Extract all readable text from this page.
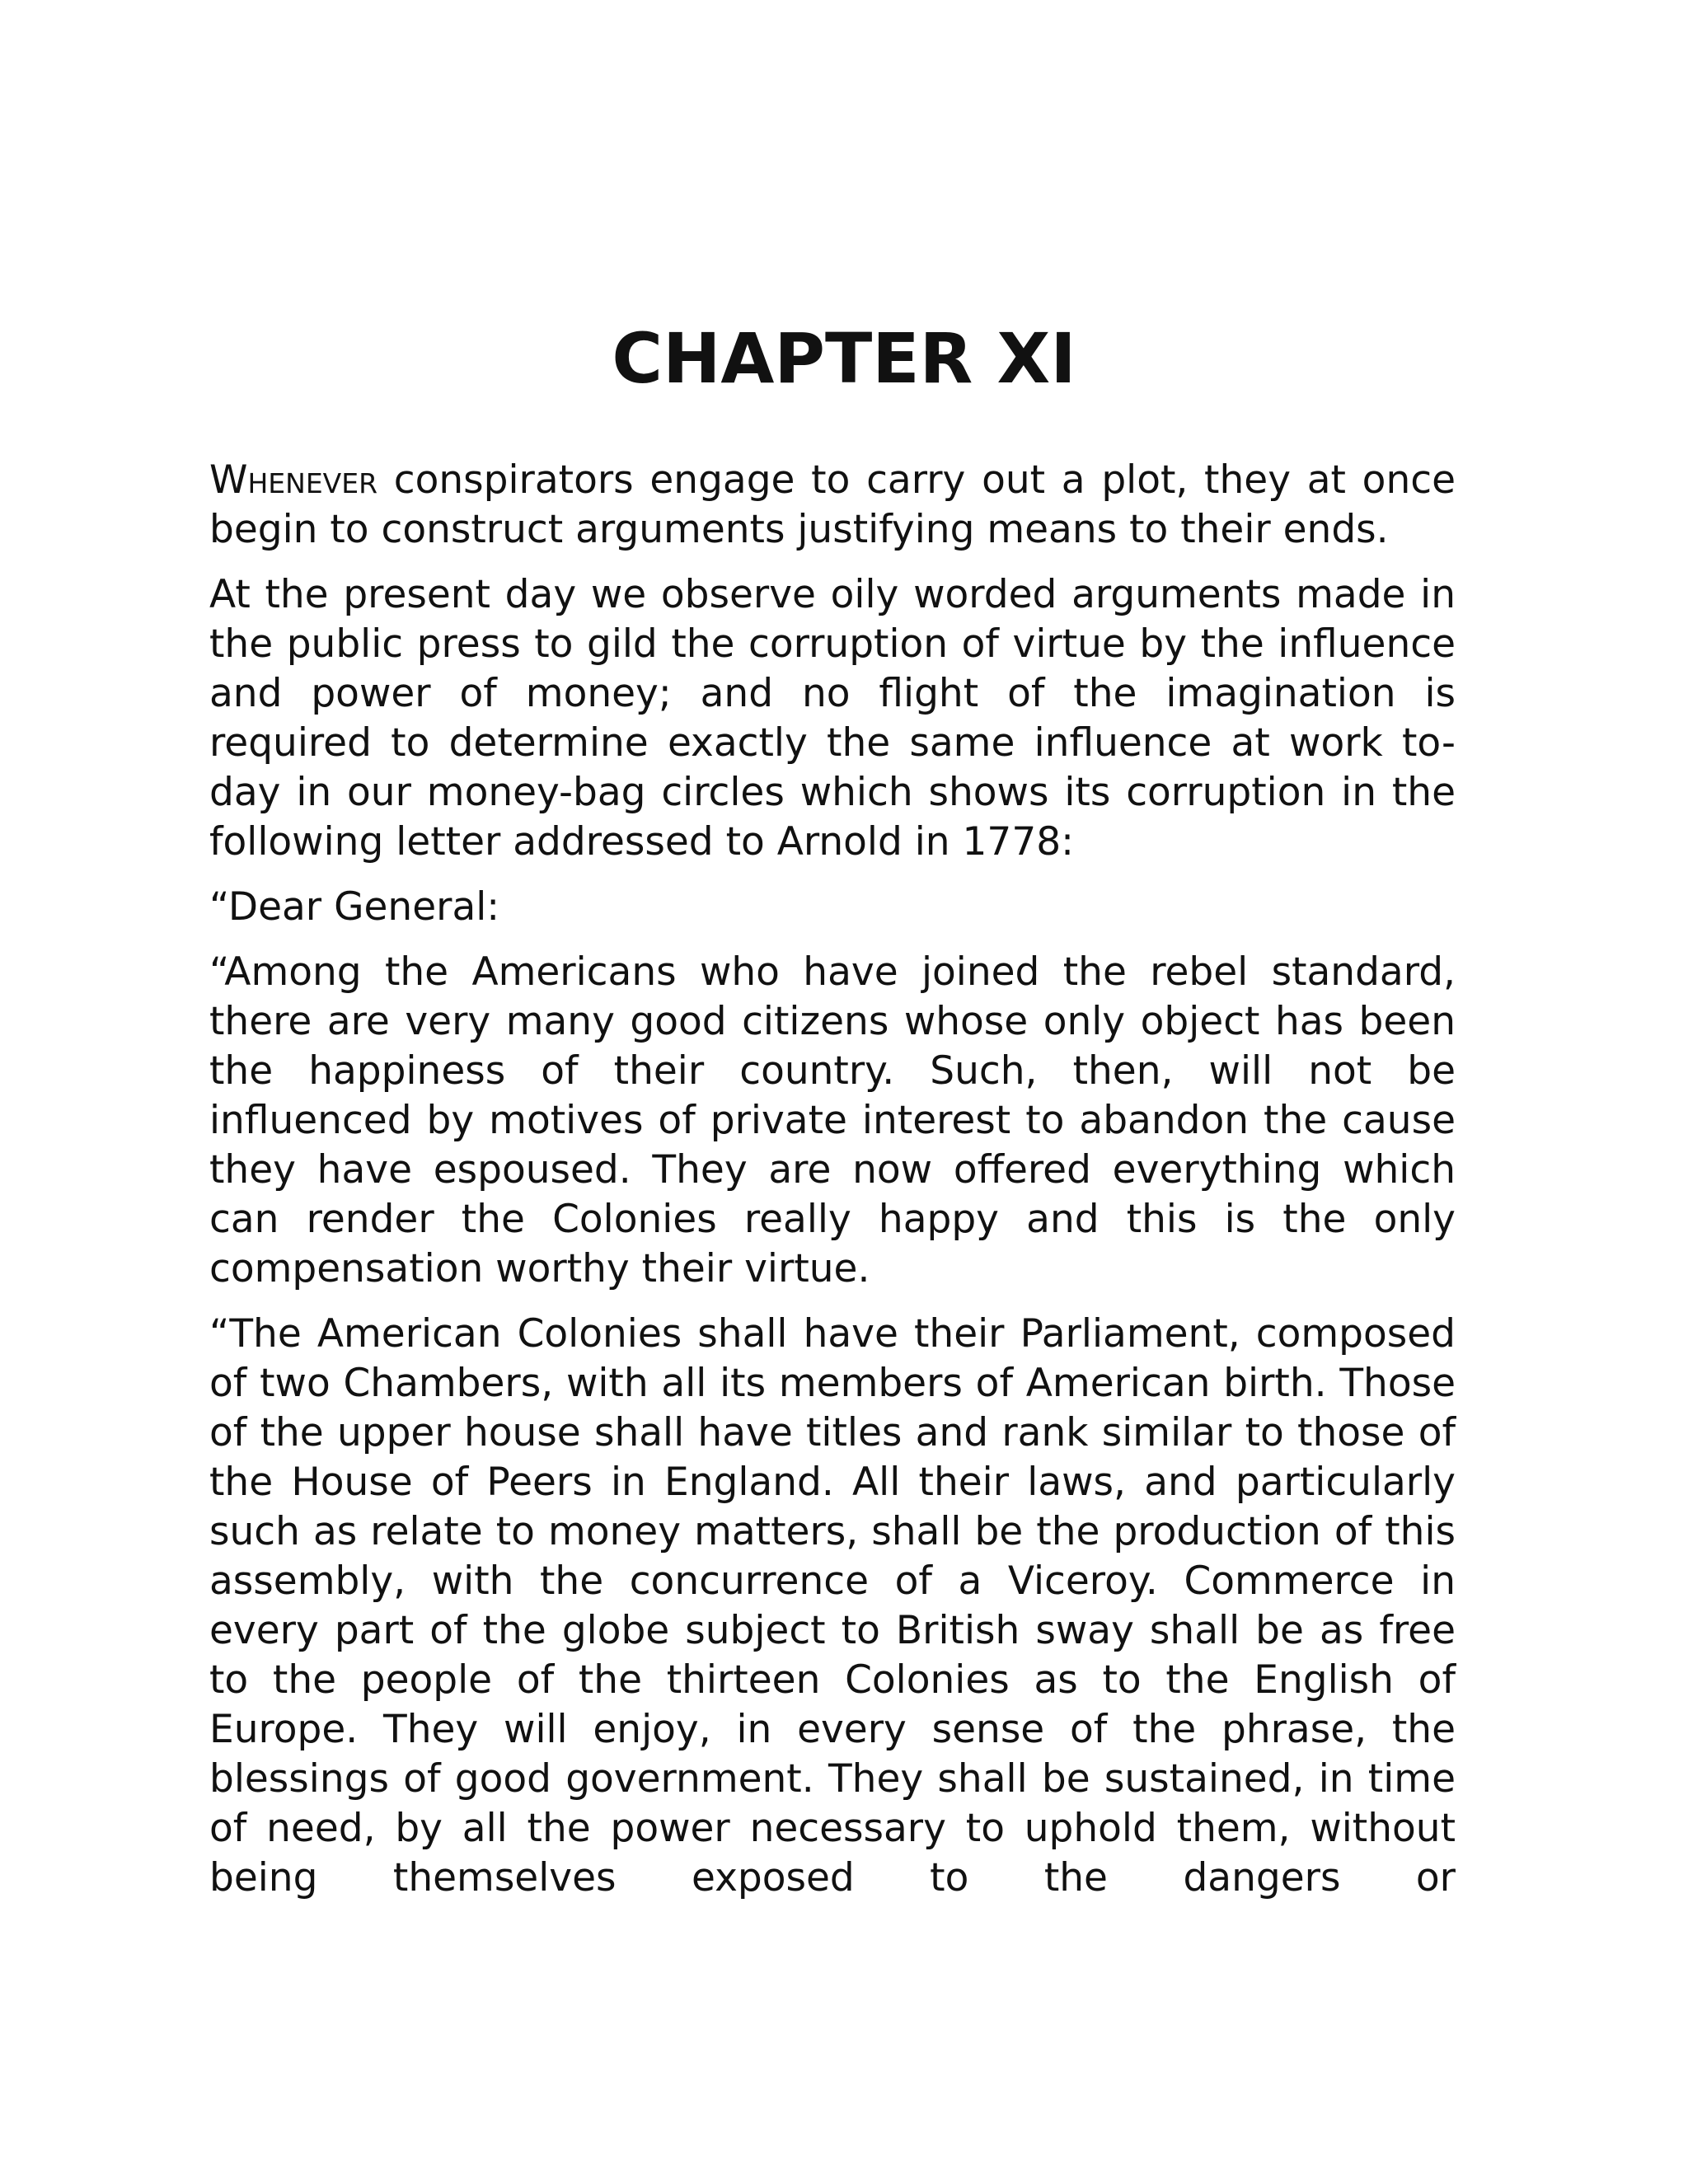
CHAPTER XI

Whenever conspirators engage to carry out a plot, they at once begin to construct arguments justifying means to their ends.

At the present day we observe oily worded arguments made in the public press to gild the corruption of virtue by the influence and power of money; and no flight of the imagination is required to determine exactly the same influence at work to-day in our money-bag circles which shows its corruption in the following letter addressed to Arnold in 1778:

“Dear General:

“Among the Americans who have joined the rebel standard, there are very many good citizens whose only object has been the happiness of their country. Such, then, will not be influenced by motives of private interest to abandon the cause they have espoused. They are now offered everything which can render the Colonies really happy and this is the only compensation worthy their virtue.

“The American Colonies shall have their Parliament, composed of two Chambers, with all its members of American birth. Those of the upper house shall have titles and rank similar to those of the House of Peers in England. All their laws, and particularly such as relate to money matters, shall be the production of this assembly, with the concurrence of a Viceroy. Commerce in every part of the globe subject to British sway shall be as free to the people of the thirteen Colonies as to the English of Europe. They will enjoy, in every sense of the phrase, the blessings of good government. They shall be sustained, in time of need, by all the power necessary to uphold them, without being themselves exposed to the dangers or
